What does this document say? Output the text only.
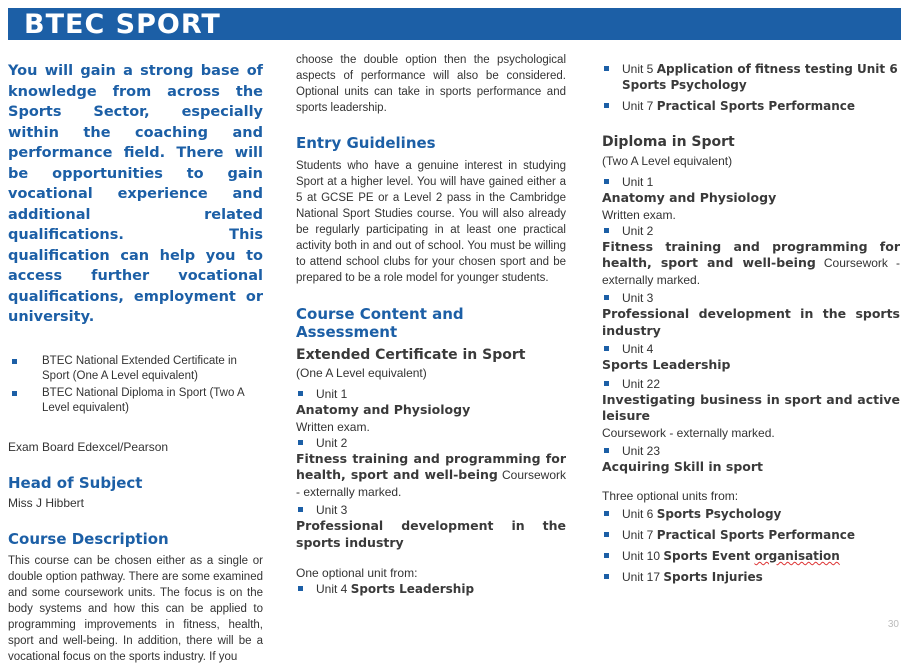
BTEC SPORT
You will gain a strong base of knowledge from across the Sports Sector, especially within the coaching and performance field. There will be opportunities to gain vocational experience and additional related qualifications. This qualification can help you to access further vocational qualifications, employment or university.
BTEC National Extended Certificate in Sport (One A Level equivalent)
BTEC National Diploma in Sport (Two A Level equivalent)
Exam Board Edexcel/Pearson
Head of Subject
Miss J Hibbert
Course Description
This course can be chosen either as a single or double option pathway. There are some examined and some coursework units. The focus is on the body systems and how this can be applied to programming improvements in fitness, health, sport and well-being. In addition, there will be a vocational focus on the sports industry. If you
choose the double option then the psychological aspects of performance will also be considered. Optional units can take in sports performance and sports leadership.
Entry Guidelines
Students who have a genuine interest in studying Sport at a higher level. You will have gained either a 5 at GCSE PE or a Level 2 pass in the Cambridge National Sport Studies course. You will also already be regularly participating in at least one practical activity both in and out of school. You must be willing to attend school clubs for your chosen sport and be prepared to be a role model for younger students.
Course Content and Assessment
Extended Certificate in Sport
(One A Level equivalent)
Unit 1
Anatomy and Physiology
Written exam.
Unit 2
Fitness training and programming for health, sport and well-being Coursework - externally marked.
Unit 3
Professional development in the sports industry
One optional unit from:
Unit 4 Sports Leadership
Unit 5 Application of fitness testing Unit 6 Sports Psychology
Unit 7 Practical Sports Performance
Diploma in Sport
(Two A Level equivalent)
Unit 1
Anatomy and Physiology
Written exam.
Unit 2
Fitness training and programming for health, sport and well-being Coursework - externally marked.
Unit 3
Professional development in the sports industry
Unit 4
Sports Leadership
Unit 22
Investigating business in sport and active leisure
Coursework - externally marked.
Unit 23
Acquiring Skill in sport
Three optional units from:
Unit 6 Sports Psychology
Unit 7 Practical Sports Performance
Unit 10 Sports Event organisation
Unit 17 Sports Injuries
30
